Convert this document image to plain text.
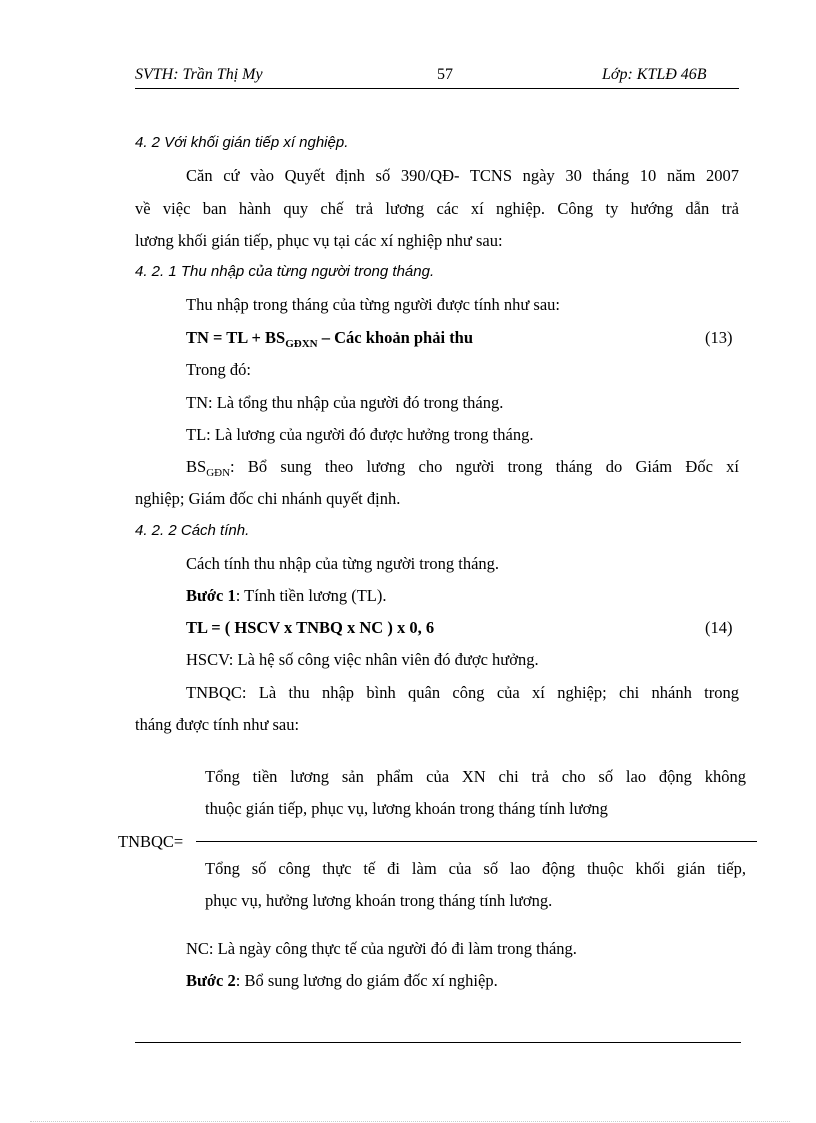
SVTH: Trần Thị My	57	Lớp: KTLĐ 46B
4. 2 Với khối gián tiếp xí nghiệp.
Căn cứ vào Quyết định số 390/QĐ- TCNS ngày 30 tháng 10 năm 2007
về việc ban hành quy chế trả lương các xí nghiệp. Công ty hướng dẫn trả
lương khối gián tiếp, phục vụ tại các xí nghiệp như sau:
4. 2. 1 Thu nhập của từng người trong tháng.
Thu nhập trong tháng của từng người được tính như sau:
TN = TL + $BS_{GĐXN}$ – Các khoản phải thu	(13)
Trong đó:
TN: Là tổng thu nhập của người đó trong tháng.
TL: Là lương của người đó được hưởng trong tháng.
$BS_{GĐN}$: Bổ sung theo lương cho người trong tháng do Giám Đốc xí
nghiệp; Giám đốc chi nhánh quyết định.
4. 2. 2 Cách tính.
Cách tính thu nhập của từng người trong tháng.
Bước 1: Tính tiền lương (TL).
TL = ( HSCV x TNBQ x NC ) x 0, 6	(14)
HSCV: Là hệ số công việc nhân viên đó được hưởng.
TNBQC: Là thu nhập bình quân công của xí nghiệp; chi nhánh trong
tháng được tính như sau:
Tổng tiền lương sản phẩm của XN chi trả cho số lao động không
thuộc gián tiếp, phục vụ, lương khoán trong tháng tính lương
TNBQC=
Tổng số công thực tế đi làm của số lao động thuộc khối gián tiếp,
phục vụ, hưởng lương khoán trong tháng tính lương.
NC: Là ngày công thực tế của người đó đi làm trong tháng.
Bước 2: Bổ sung lương do giám đốc xí nghiệp.
